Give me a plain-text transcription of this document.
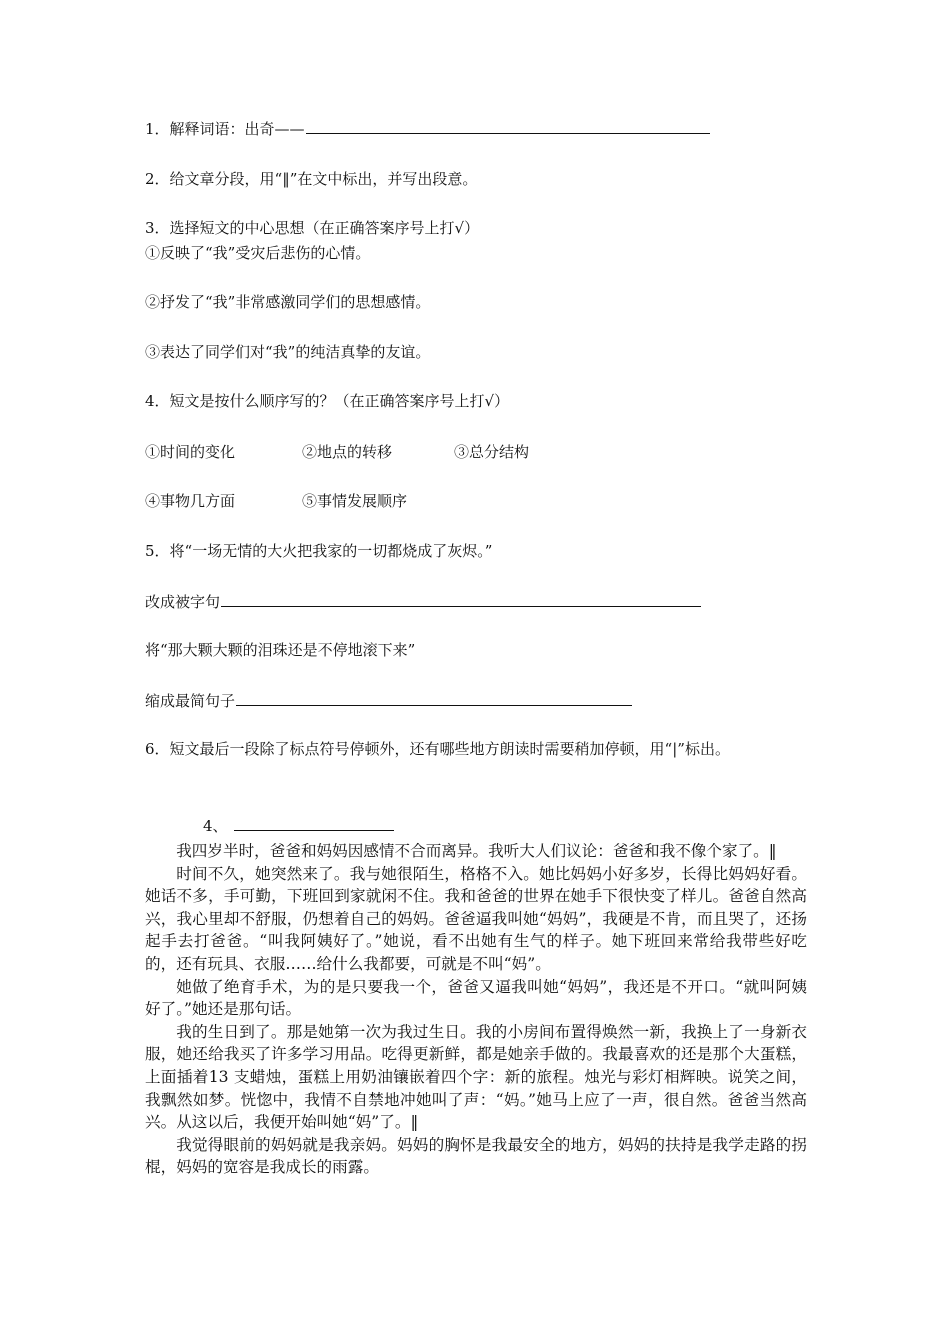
1．解释词语：出奇——
2．给文章分段，用“‖”在文中标出，并写出段意。
3．选择短文的中心思想（在正确答案序号上打√）
①反映了“我”受灾后悲伤的心情。
②抒发了“我”非常感激同学们的思想感情。
③表达了同学们对“我”的纯洁真挚的友谊。
4．短文是按什么顺序写的？（在正确答案序号上打√）
①时间的变化	②地点的转移	③总分结构
④事物几方面	⑤事情发展顺序
5．将“一场无情的大火把我家的一切都烧成了灰烬。”
改成被字句
将“那大颗大颗的泪珠还是不停地滚下来”
缩成最简句子
6．短文最后一段除了标点符号停顿外，还有哪些地方朗读时需要稍加停顿，用“|”标出。
4、

我四岁半时，爸爸和妈妈因感情不合而离异。我听大人们议论：爸爸和我不像个家了。‖

时间不久，她突然来了。我与她很陌生，格格不入。她比妈妈小好多岁，长得比妈妈好看。她话不多，手可勤，下班回到家就闲不住。我和爸爸的世界在她手下很快变了样儿。爸爸自然高兴，我心里却不舒服，仍想着自己的妈妈。爸爸逼我叫她“妈妈”，我硬是不肯，而且哭了，还扬起手去打爸爸。“叫我阿姨好了。”她说，看不出她有生气的样子。她下班回来常给我带些好吃的，还有玩具、衣服……给什么我都要，可就是不叫“妈”。

她做了绝育手术，为的是只要我一个，爸爸又逼我叫她“妈妈”，我还是不开口。“就叫阿姨好了。”她还是那句话。

我的生日到了。那是她第一次为我过生日。我的小房间布置得焕然一新，我换上了一身新衣服，她还给我买了许多学习用品。吃得更新鲜，都是她亲手做的。我最喜欢的还是那个大蛋糕，上面插着13 支蜡烛，蛋糕上用奶油镶嵌着四个字：新的旅程。烛光与彩灯相辉映。说笑之间，我飘然如梦。恍惚中，我情不自禁地冲她叫了声：“妈。”她马上应了一声，很自然。爸爸当然高兴。从这以后，我便开始叫她“妈”了。‖

我觉得眼前的妈妈就是我亲妈。妈妈的胸怀是我最安全的地方，妈妈的扶持是我学走路的拐棍，妈妈的宽容是我成长的雨露。
